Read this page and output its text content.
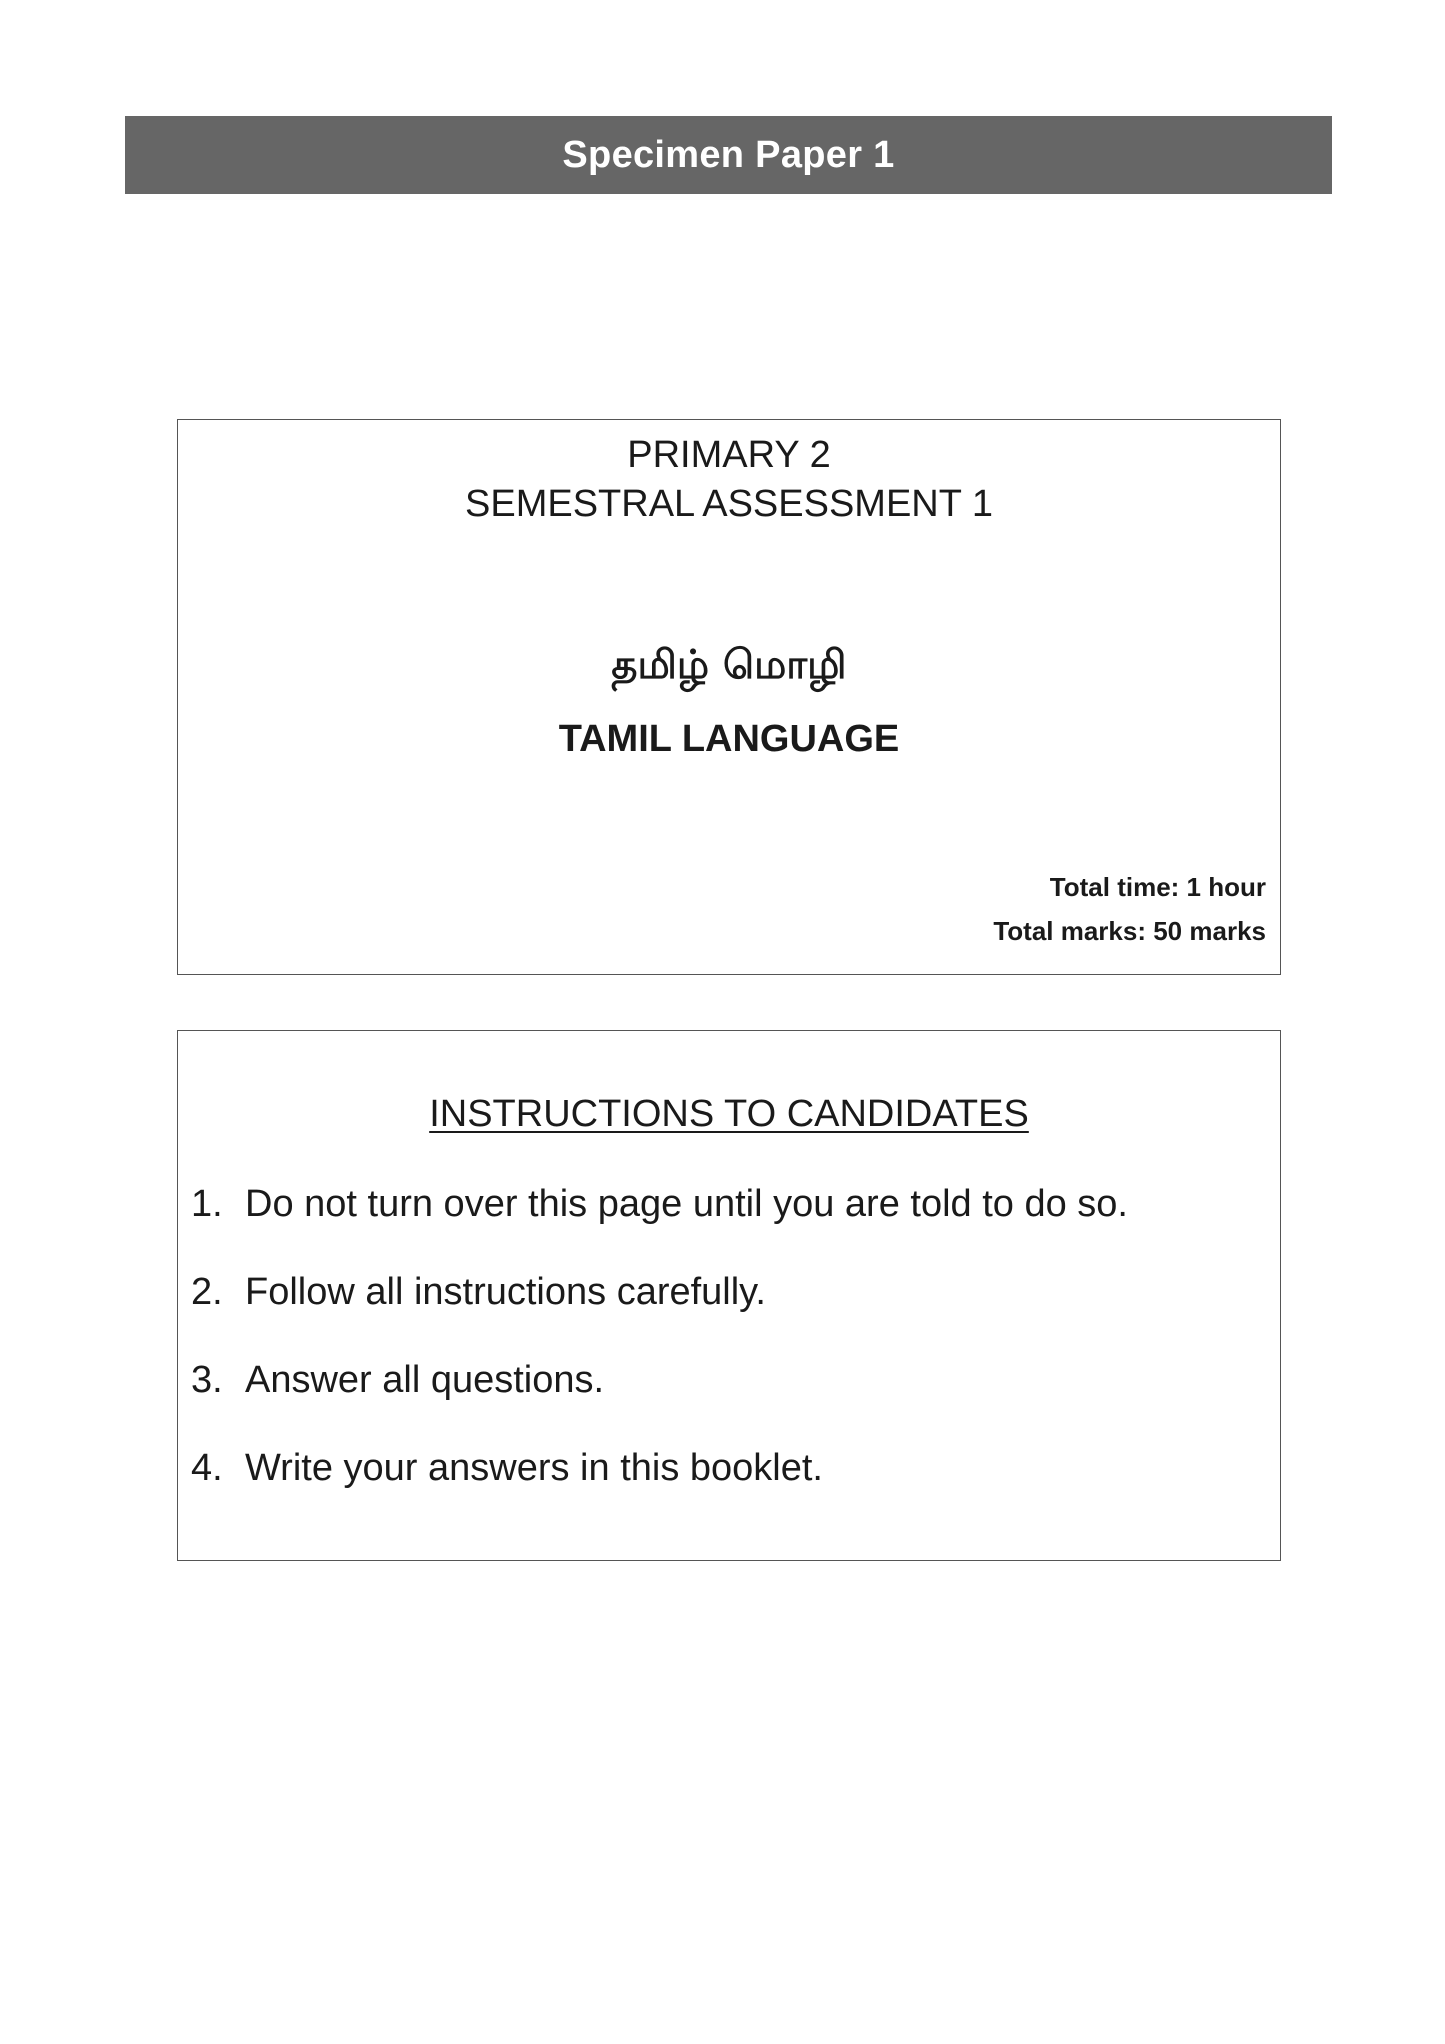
Specimen Paper 1
PRIMARY 2
SEMESTRAL ASSESSMENT 1
தமிழ் மொழி
TAMIL LANGUAGE
Total time: 1 hour
Total marks: 50 marks
INSTRUCTIONS TO CANDIDATES
1. Do not turn over this page until you are told to do so.
2. Follow all instructions carefully.
3. Answer all questions.
4. Write your answers in this booklet.
